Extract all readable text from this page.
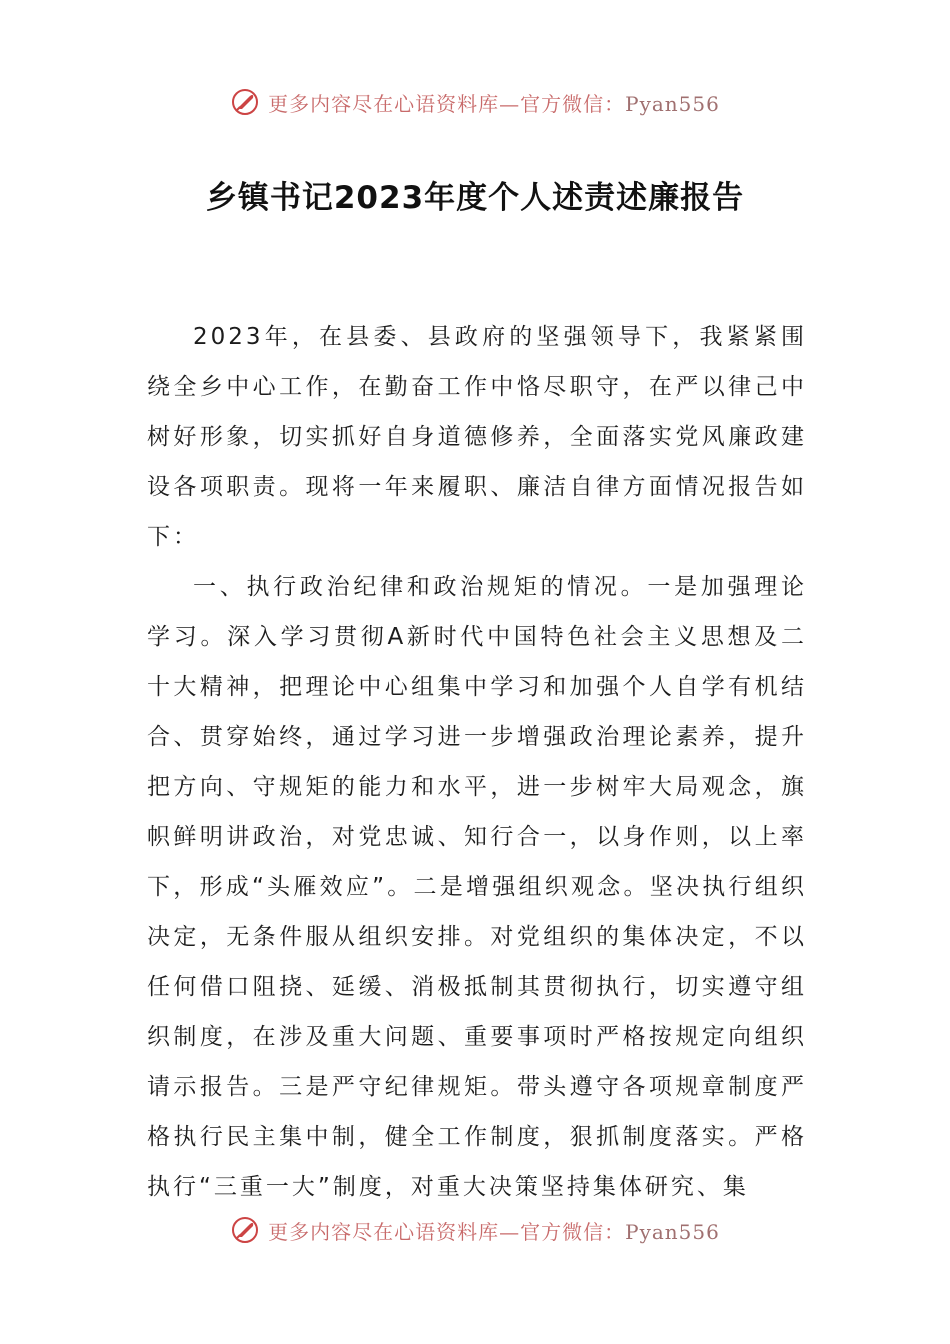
更多内容尽在心语资料库—官方微信：Pyan556
乡镇书记2023年度个人述责述廉报告

2023年，在县委、县政府的坚强领导下，我紧紧围绕全乡中心工作，在勤奋工作中恪尽职守，在严以律己中树好形象，切实抓好自身道德修养，全面落实党风廉政建设各项职责。现将一年来履职、廉洁自律方面情况报告如下：

一、执行政治纪律和政治规矩的情况。一是加强理论学习。深入学习贯彻A新时代中国特色社会主义思想及二十大精神，把理论中心组集中学习和加强个人自学有机结合、贯穿始终，通过学习进一步增强政治理论素养，提升把方向、守规矩的能力和水平，进一步树牢大局观念，旗帜鲜明讲政治，对党忠诚、知行合一，以身作则，以上率下，形成“头雁效应”。二是增强组织观念。坚决执行组织决定，无条件服从组织安排。对党组织的集体决定，不以任何借口阻挠、延缓、消极抵制其贯彻执行，切实遵守组织制度，在涉及重大问题、重要事项时严格按规定向组织请示报告。三是严守纪律规矩。带头遵守各项规章制度严格执行民主集中制，健全工作制度，狠抓制度落实。严格执行“三重一大”制度，对重大决策坚持集体研究、集

更多内容尽在心语资料库—官方微信：Pyan556
